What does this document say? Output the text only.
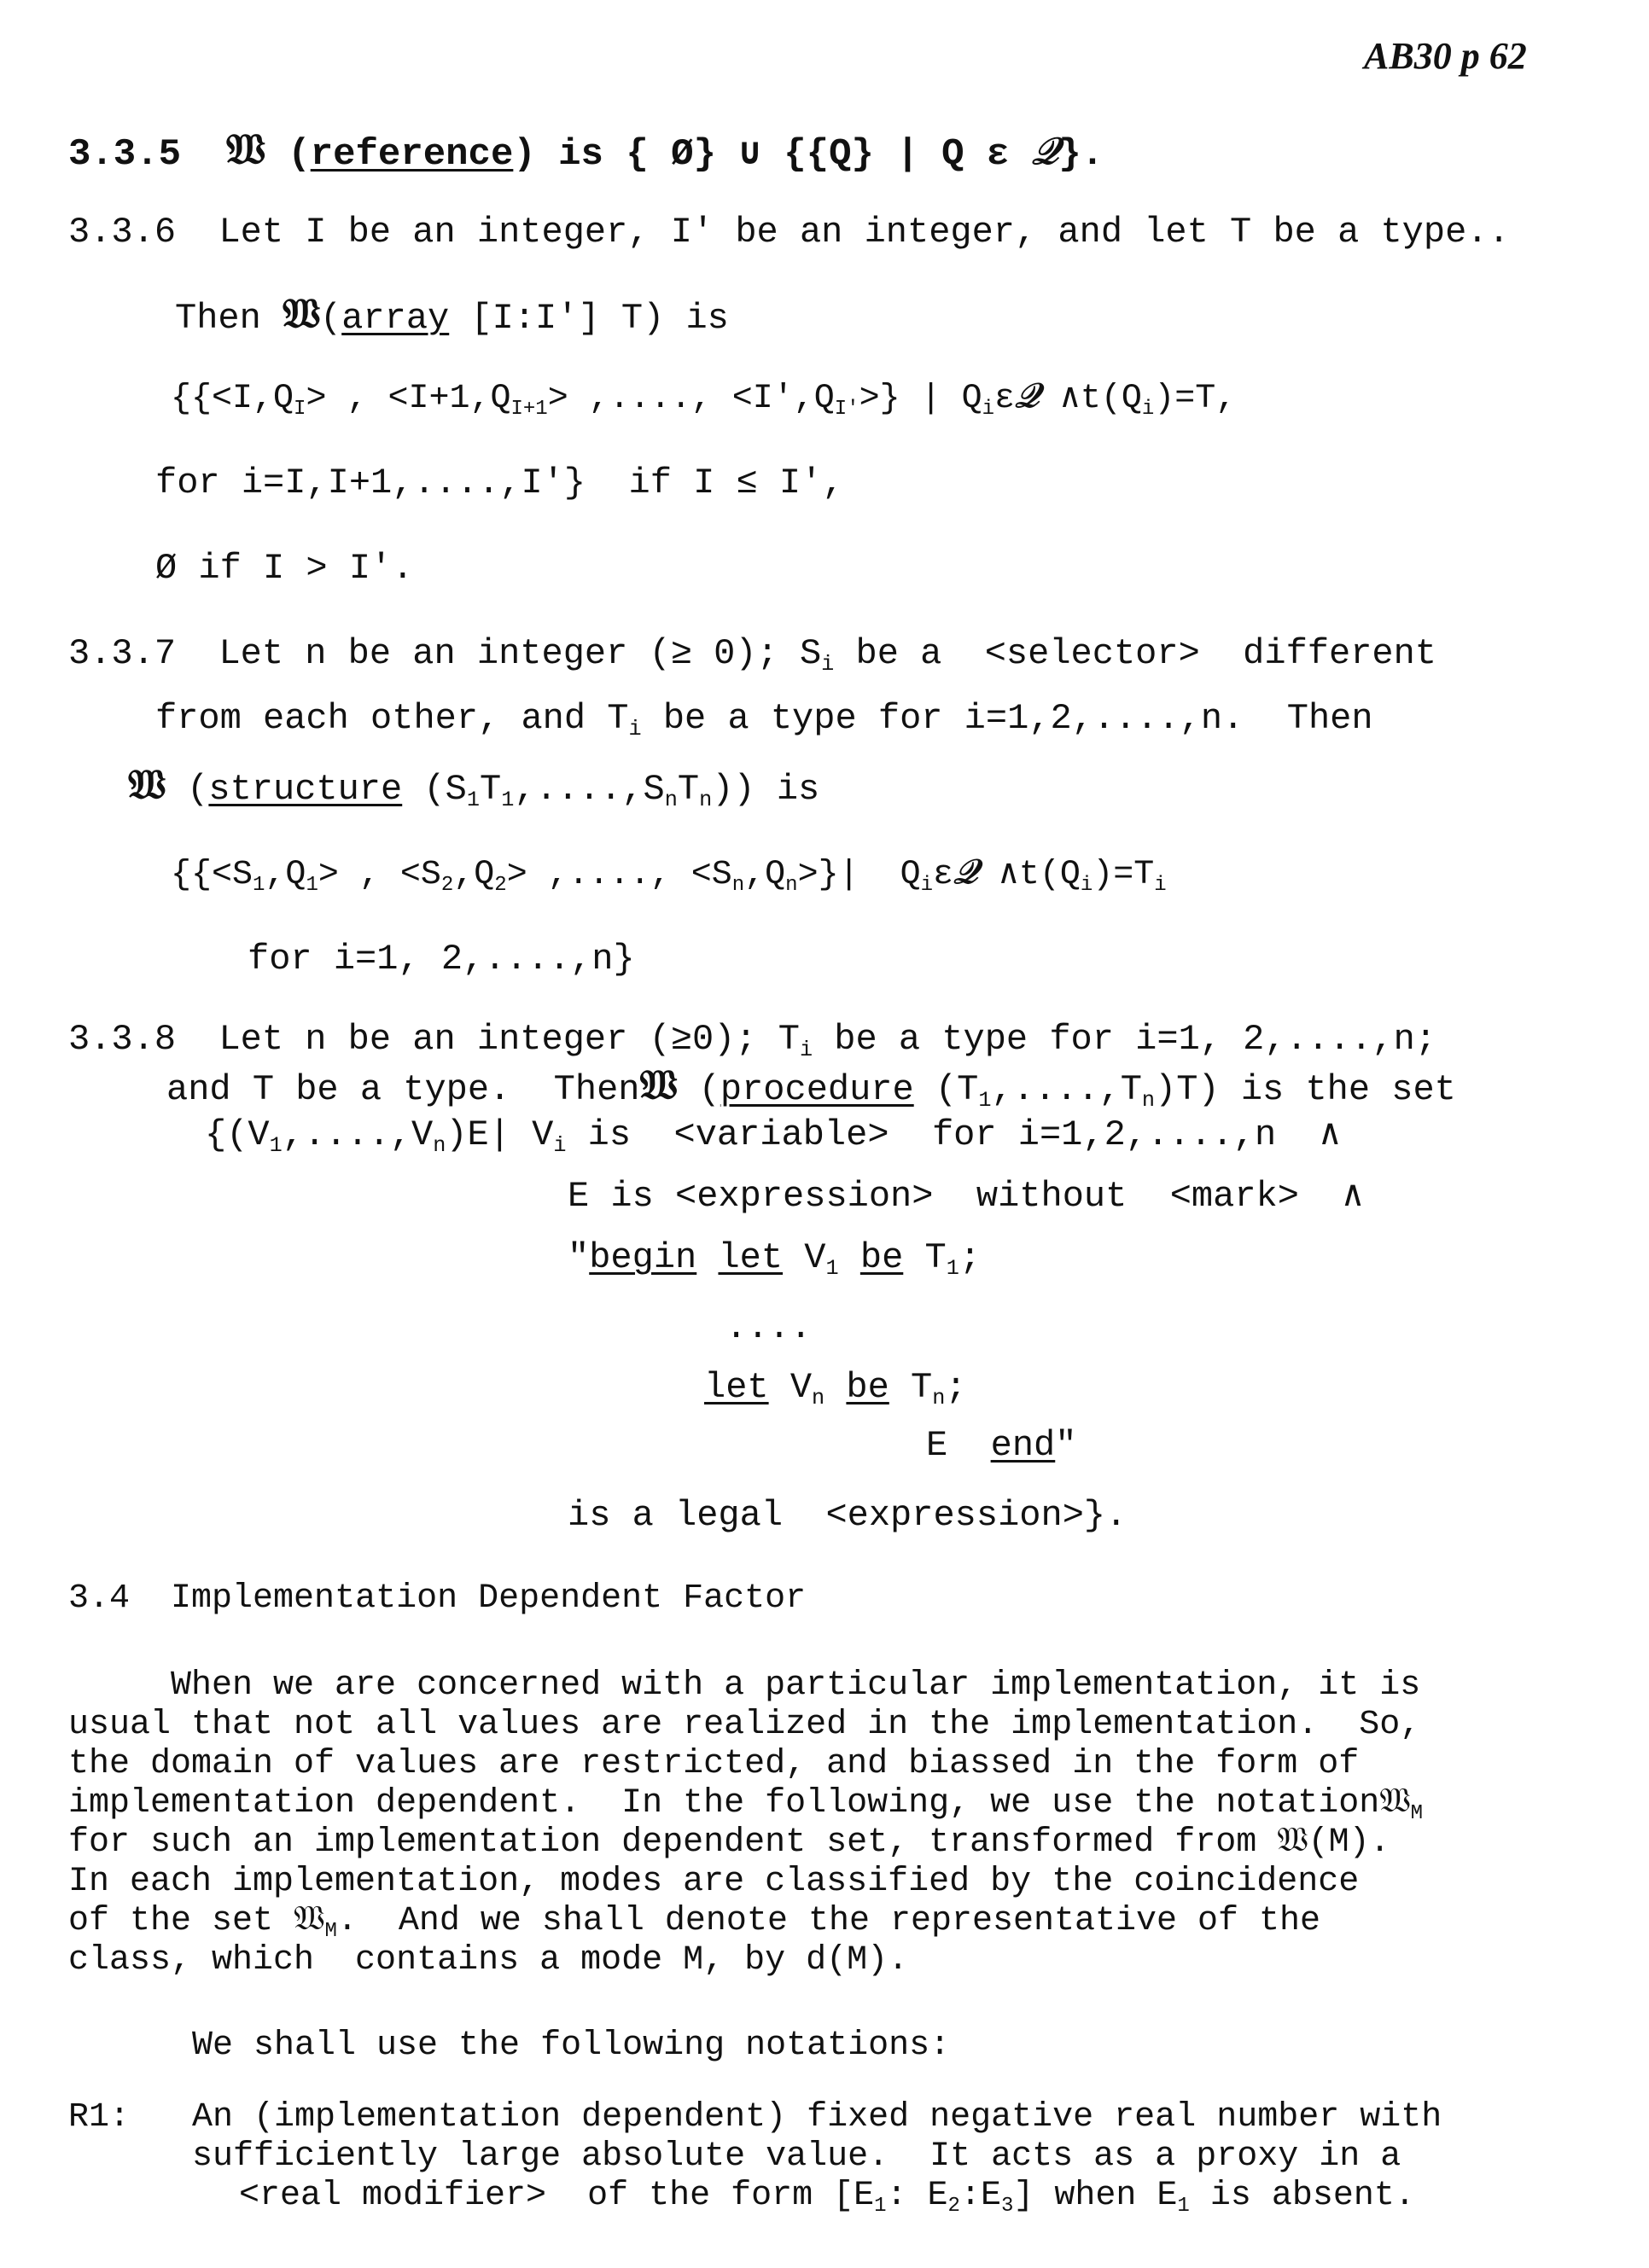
AB30 p 62
3.3.5 𝔚 (reference) is { Ø} ∪ {{Q} | Q ε 𝒬}.
3.3.6 Let I be an integer, I' be an integer, and let T be a type..
Then 𝔚(array [I:I'] T) is
{{<I,QI> , <I+1,QI+1> ,...., <I',QI'>} | Qiε𝒬 ∧t(Qi)=T,
for i=I,I+1,....,I'}  if I ≤ I',
Ø if I > I'.
3.3.7 Let n be an integer (≥ 0); Si be a  <selector>  different
from each other, and Ti be a type for i=1,2,....,n.  Then
𝔚 (structure (S1T1,....,SnTn)) is
{{<S1,Q1> , <S2,Q2> ,...., <Sn,Qn>}|  Qiε𝒬 ∧t(Qi)=Ti
for i=1, 2,....,n}
3.3.8 Let n be an integer (≥0); Ti be a type for i=1, 2,....,n;
and T be a type.  Then𝔚 (procedure (T1,....,Tn)T) is the set
{(V1,....,Vn)E| Vi is  <variable>  for i=1,2,....,n  ∧
E is <expression>  without  <mark>  ∧
"begin let V1 be T1;
....
let Vn be Tn;
E  end"
is a legal  <expression>}.
3.4 Implementation Dependent Factor
When we are concerned with a particular implementation, it is
usual that not all values are realized in the implementation.  So,
the domain of values are restricted, and biassed in the form of
implementation dependent.  In the following, we use the notation𝔚M
for such an implementation dependent set, transformed from 𝔚(M).
In each implementation, modes are classified by the coincidence
of the set 𝔚M.  And we shall denote the representative of the
class, which  contains a mode M, by d(M).
We shall use the following notations:
R1: An (implementation dependent) fixed negative real number with
sufficiently large absolute value.  It acts as a proxy in a
<real modifier>  of the form [E1: E2:E3] when E1 is absent.
